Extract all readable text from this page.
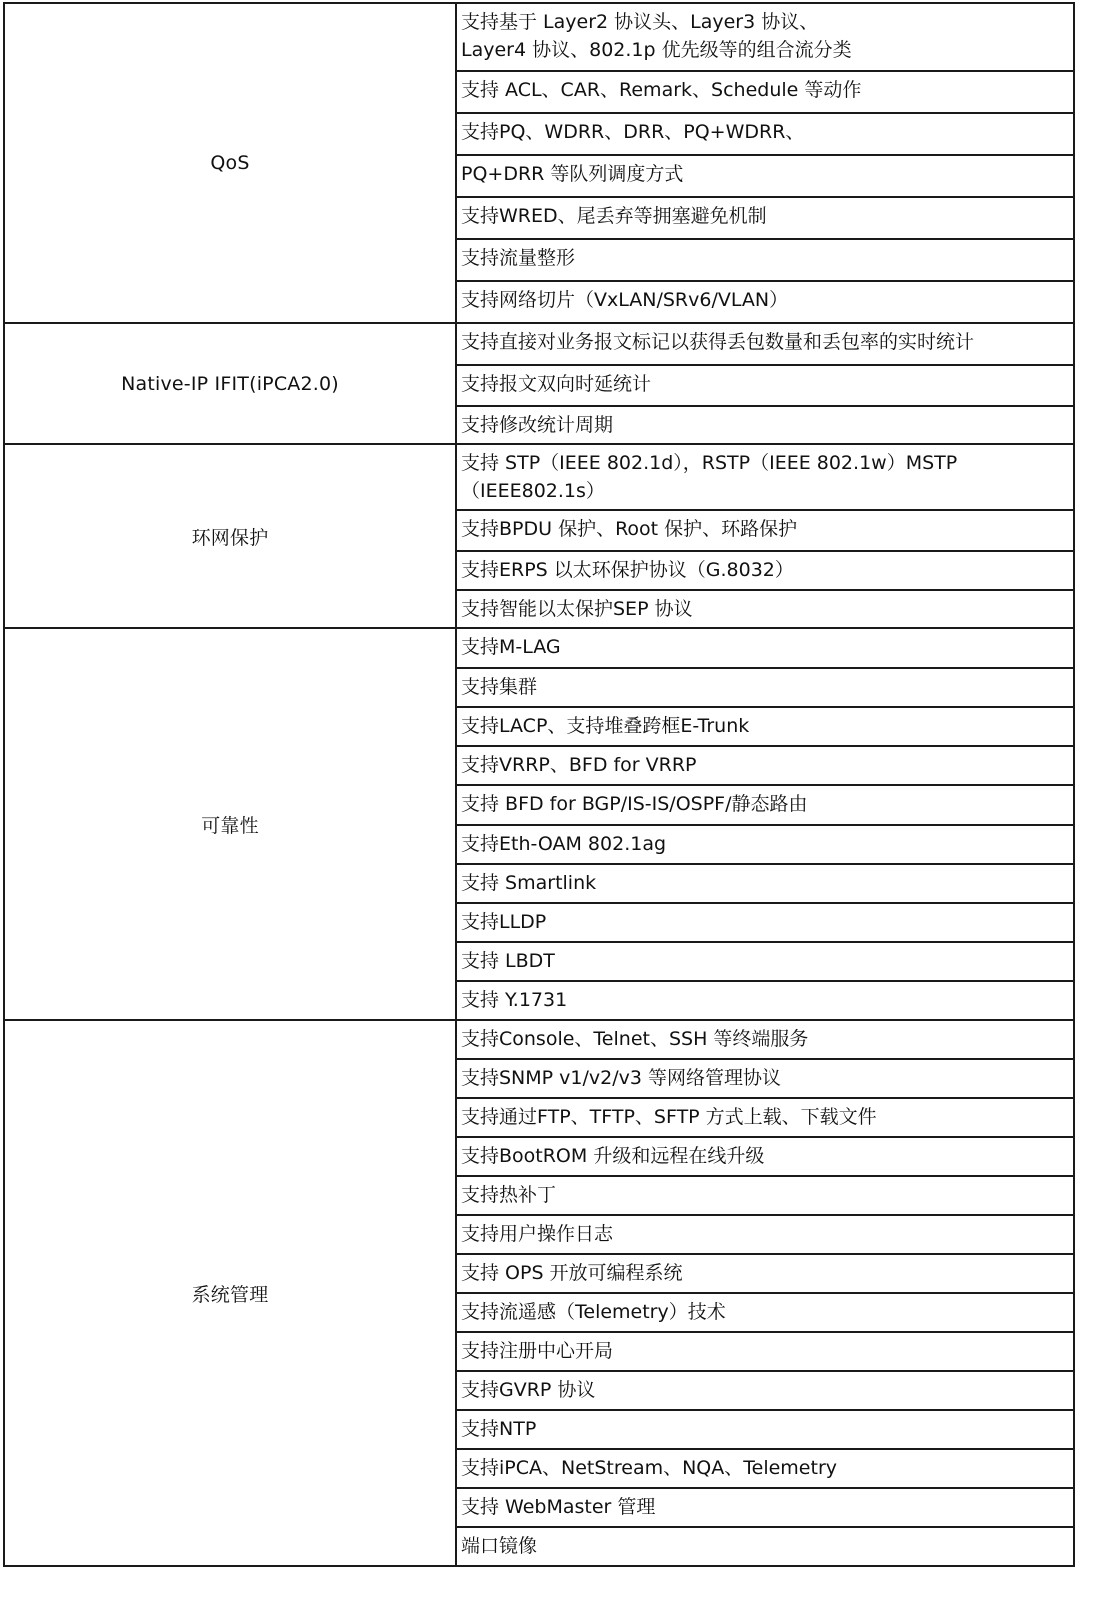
QoS	支持基于 Layer2 协议头、Layer3 协议、
Layer4 协议、802.1p 优先级等的组合流分类
	支持 ACL、CAR、Remark、Schedule 等动作
	支持PQ、WDRR、DRR、PQ+WDRR、
	PQ+DRR 等队列调度方式
	支持WRED、尾丢弃等拥塞避免机制
	支持流量整形
	支持网络切片（VxLAN/SRv6/VLAN）
Native-IP IFIT(iPCA2.0)	支持直接对业务报文标记以获得丢包数量和丢包率的实时统计
	支持报文双向时延统计
	支持修改统计周期
环网保护	支持 STP（IEEE 802.1d），RSTP（IEEE 802.1w）MSTP
（IEEE802.1s）
	支持BPDU 保护、Root 保护、环路保护
	支持ERPS 以太环保护协议（G.8032）
	支持智能以太保护SEP 协议
可靠性	支持M-LAG
	支持集群
	支持LACP、支持堆叠跨框E-Trunk
	支持VRRP、BFD for VRRP
	支持 BFD for BGP/IS-IS/OSPF/静态路由
	支持Eth-OAM 802.1ag
	支持 Smartlink
	支持LLDP
	支持 LBDT
	支持 Y.1731
系统管理	支持Console、Telnet、SSH 等终端服务
	支持SNMP v1/v2/v3 等网络管理协议
	支持通过FTP、TFTP、SFTP 方式上载、下载文件
	支持BootROM 升级和远程在线升级
	支持热补丁
	支持用户操作日志
	支持 OPS 开放可编程系统
	支持流遥感（Telemetry）技术
	支持注册中心开局
	支持GVRP 协议
	支持NTP
	支持iPCA、NetStream、NQA、Telemetry
	支持 WebMaster 管理
	端口镜像
